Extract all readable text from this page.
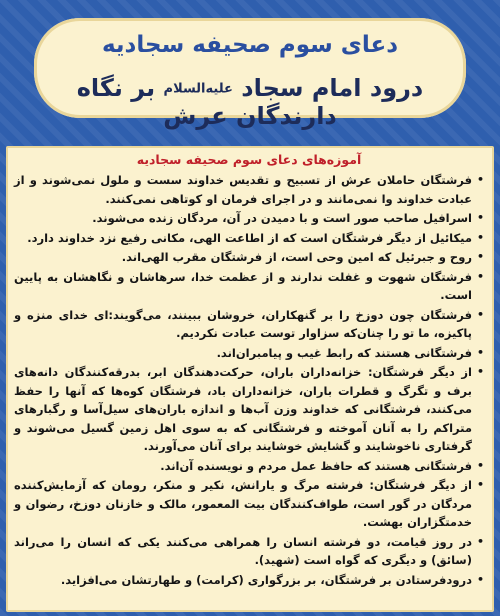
دعای سوم صحیفه سجادیه
درود امام سجاد علیه‌السلام بر نگاه دارندگان عرش
آموزه‌های دعای سوم صحیفه سجادیه
•
فرشتگان حاملان عرش از تسبیح و تقدیس خداوند سست و ملول نمی‌شوند و از عبادت خداوند وا نمی‌مانند و در اجرای فرمان او کوتاهی نمی‌کنند.
•
اسرافیل صاحب صور است و با دمیدن در آن، مردگان زنده می‌شوند.
•
میکائیل از دیگر فرشتگان است که از اطاعت الهی، مکانی رفیع نزد خداوند دارد.
•
روح و جبرئیل که امین وحی است، از فرشتگان مقرب الهی‌اند.
•
فرشتگان شهوت و غفلت ندارند و از عظمت خدا، سرهاشان و نگاهشان به پایین است.
•
فرشتگان چون دوزخ را بر گنهکاران، خروشان ببینند، می‌گویند:ای خدای منزه و پاکیزه، ما تو را چنان‌که سزاوار توست عبادت نکردیم.
•
فرشتگانی هستند که رابط غیب و پیامبران‌اند.
•
از دیگر فرشتگان: خزانه‌داران باران، حرکت‌دهندگان ابر، بدرقه‌کنندگان دانه‌های برف و تگرگ و قطرات باران، خزانه‌داران باد، فرشتگان کوه‌ها که آنها را حفظ می‌کنند، فرشتگانی که خداوند وزن آب‌ها و اندازه باران‌های سیل‌آسا و رگبارهای متراکم را به آنان آموخته و فرشتگانی که به سوی اهل زمین گسیل می‌شوند و گرفتاری ناخوشایند و گشایش خوشایند برای آنان می‌آورند.
•
فرشتگانی هستند که حافظ عمل مردم و نویسنده آن‌اند.
•
از دیگر فرشتگان: فرشته مرگ و یارانش، نکیر و منکر، رومان که آزمایش‌کننده مردگان در گور است، طواف‌کنندگان بیت المعمور، مالک و خازنان دوزخ، رضوان و خدمتگزاران بهشت.
•
در روز قیامت، دو فرشته انسان را همراهی می‌کنند یکی که انسان را می‌راند (سائق) و دیگری که گواه است (شهید).
•
درودفرستادن بر فرشتگان، بر بزرگواری (کرامت) و طهارتشان می‌افزاید.
